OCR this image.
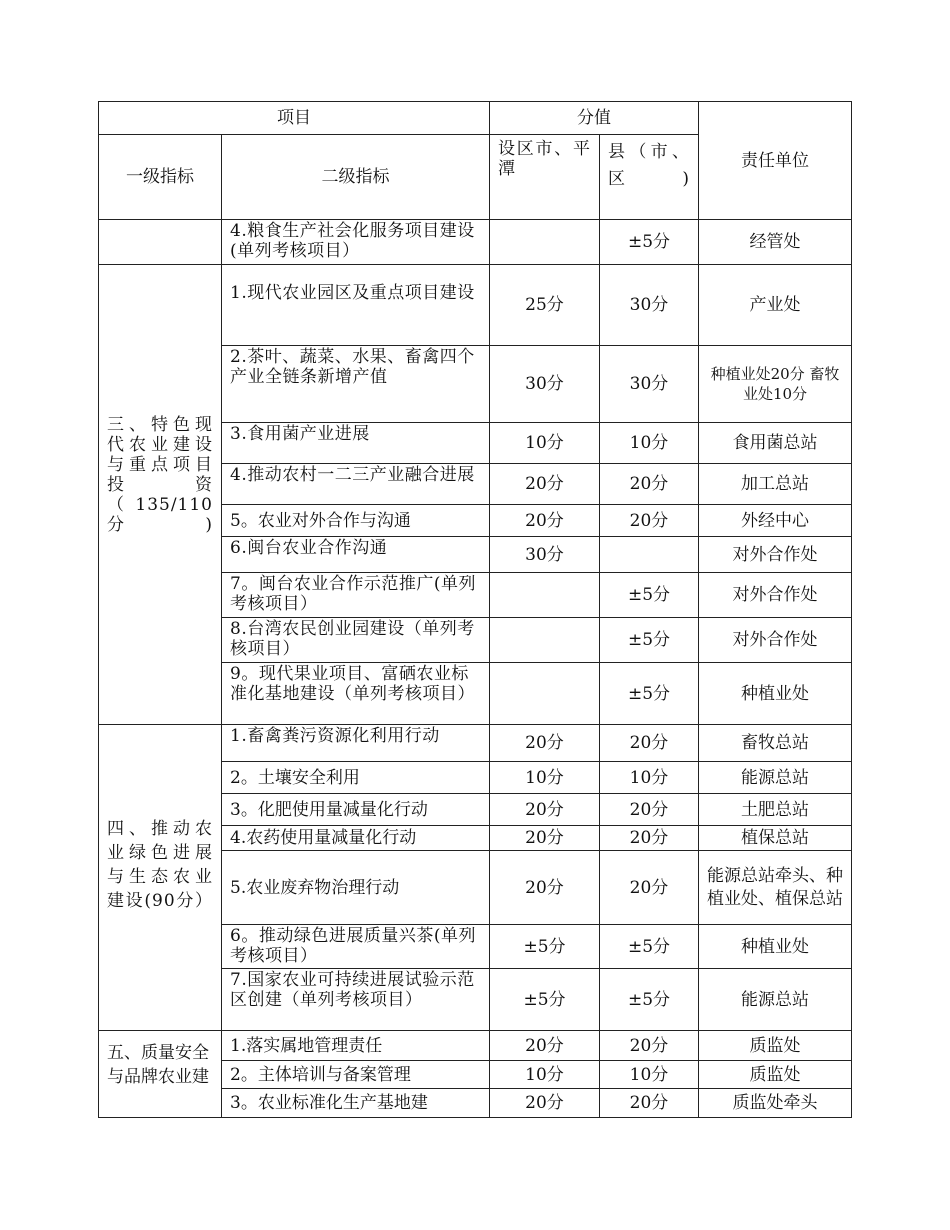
项目		分值		责任单位
一级指标	二级指标	设区市、平潭	县（市、区)	
	4.粮食生产社会化服务项目建设(单列考核项目）		±5分	经管处
三、特色现代农业建设与重点项目投资（135/110分)	1.现代农业园区及重点项目建设	25分	30分	产业处
	2.茶叶、蔬菜、水果、畜禽四个产业全链条新增产值	30分	30分	种植业处20分 畜牧业处10分
	3.食用菌产业进展	10分	10分	食用菌总站
	4.推动农村一二三产业融合进展	20分	20分	加工总站
	5。农业对外合作与沟通	20分	20分	外经中心
	6.闽台农业合作沟通	30分		对外合作处
	7。闽台农业合作示范推广(单列考核项目）		±5分	对外合作处
	8.台湾农民创业园建设（单列考核项目）		±5分	对外合作处
	9。现代果业项目、富硒农业标准化基地建设（单列考核项目）		±5分	种植业处
四、推动农业绿色进展与生态农业建设(90分）	1.畜禽粪污资源化利用行动	20分	20分	畜牧总站
	2。土壤安全利用	10分	10分	能源总站
	3。化肥使用量减量化行动	20分	20分	土肥总站
	4.农药使用量减量化行动	20分	20分	植保总站
	5.农业废弃物治理行动	20分	20分	能源总站牵头、种植业处、植保总站
	6。推动绿色进展质量兴茶(单列考核项目）	±5分	±5分	种植业处
	7.国家农业可持续进展试验示范区创建（单列考核项目）	±5分	±5分	能源总站
五、质量安全与品牌农业建	1.落实属地管理责任	20分	20分	质监处
	2。主体培训与备案管理	10分	10分	质监处
	3。农业标准化生产基地建	20分	20分	质监处牵头
